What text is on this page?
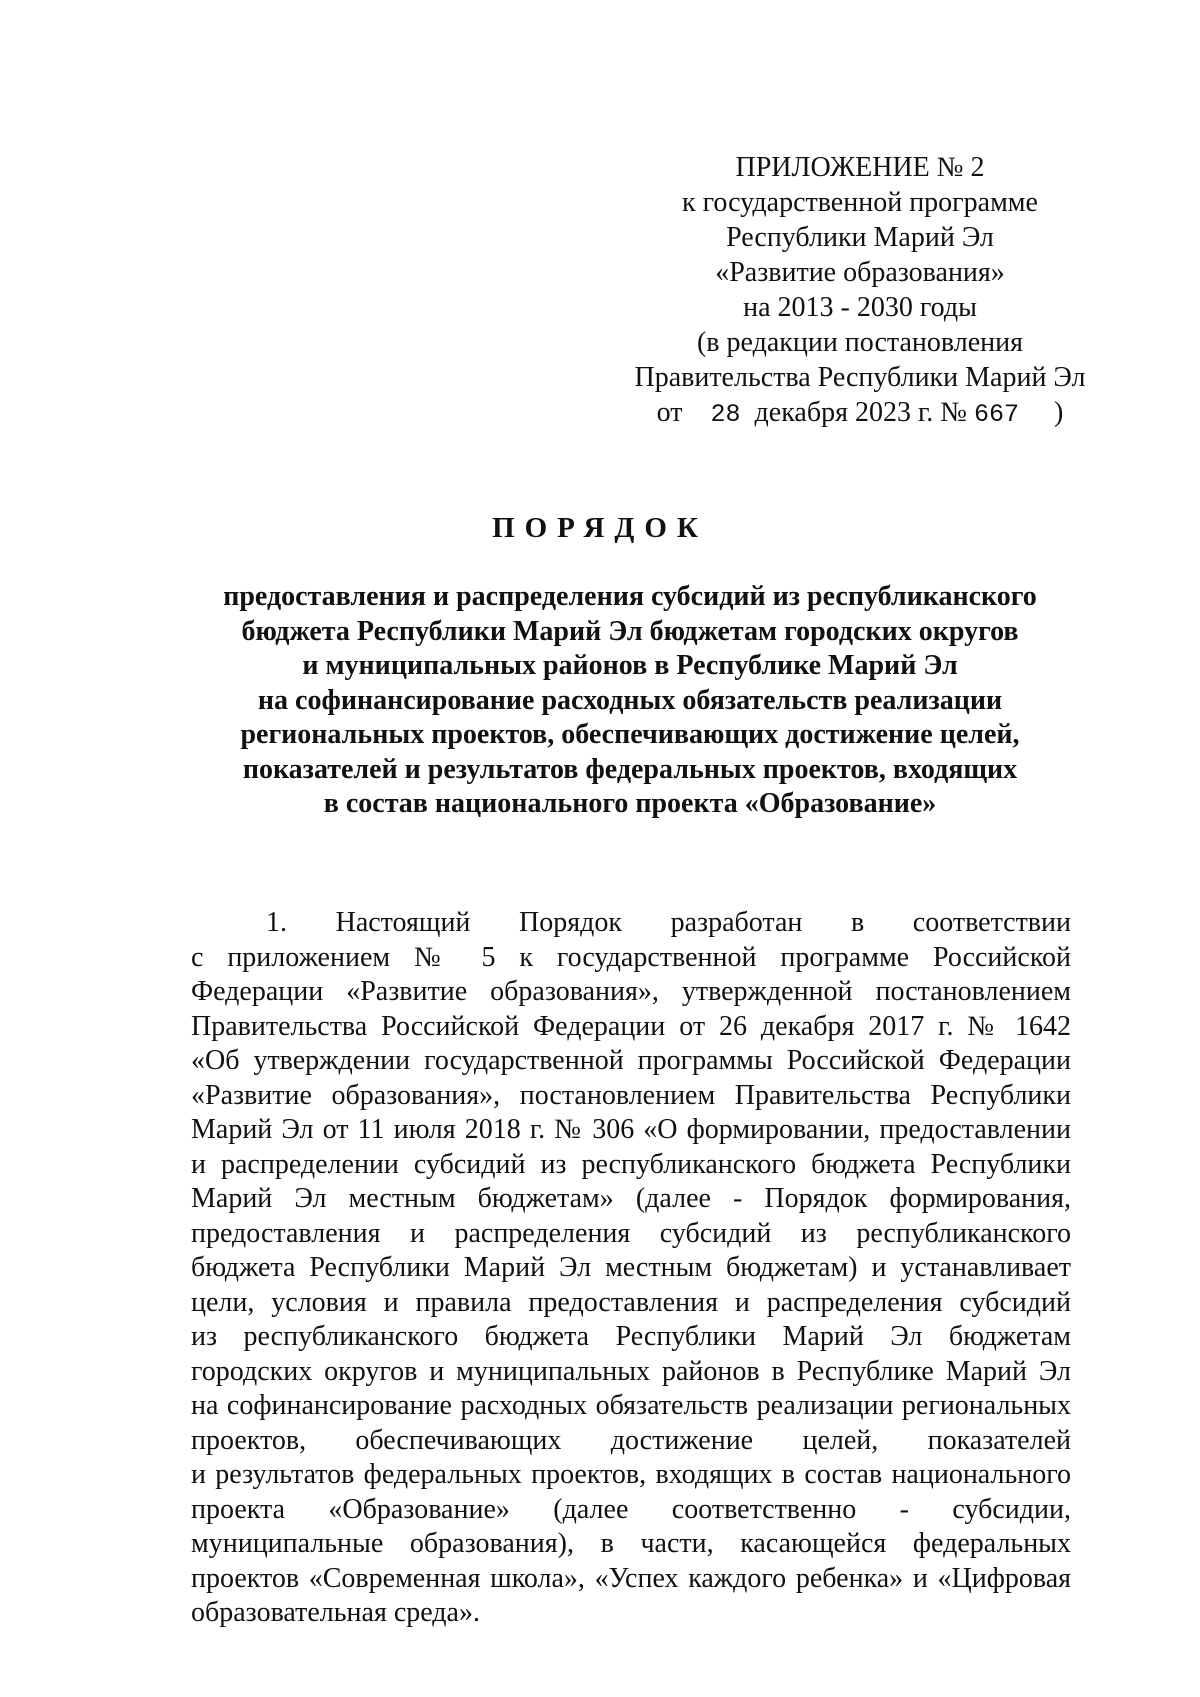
ПРИЛОЖЕНИЕ № 2
к государственной программе
Республики Марий Эл
«Развитие образования»
на 2013 - 2030 годы
(в редакции постановления
Правительства Республики Марий Эл
от 28 декабря 2023 г. № 667 )
ПОРЯДОК
предоставления и распределения субсидий из республиканского
бюджета Республики Марий Эл бюджетам городских округов
и муниципальных районов в Республике Марий Эл
на софинансирование расходных обязательств реализации
региональных проектов, обеспечивающих достижение целей,
показателей и результатов федеральных проектов, входящих
в состав национального проекта «Образование»
1. Настоящий Порядок разработан в соответствии
с приложением № 5 к государственной программе Российской
Федерации «Развитие образования», утвержденной постановлением
Правительства Российской Федерации от 26 декабря 2017 г. № 1642
«Об утверждении государственной программы Российской Федерации
«Развитие образования», постановлением Правительства Республики
Марий Эл от 11 июля 2018 г. № 306 «О формировании, предоставлении
и распределении субсидий из республиканского бюджета Республики
Марий Эл местным бюджетам» (далее - Порядок формирования,
предоставления и распределения субсидий из республиканского
бюджета Республики Марий Эл местным бюджетам) и устанавливает
цели, условия и правила предоставления и распределения субсидий
из республиканского бюджета Республики Марий Эл бюджетам
городских округов и муниципальных районов в Республике Марий Эл
на софинансирование расходных обязательств реализации региональных
проектов, обеспечивающих достижение целей, показателей
и результатов федеральных проектов, входящих в состав национального
проекта «Образование» (далее соответственно - субсидии,
муниципальные образования), в части, касающейся федеральных
проектов «Современная школа», «Успех каждого ребенка» и «Цифровая
образовательная среда».
